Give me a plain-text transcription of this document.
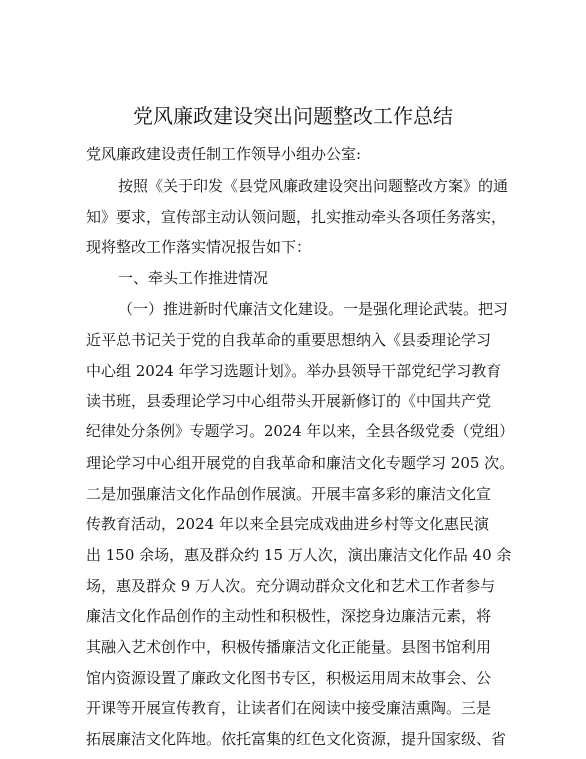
党风廉政建设突出问题整改工作总结
党风廉政建设责任制工作领导小组办公室:
按照《关于印发《县党风廉政建设突出问题整改方案》的通
知》要求，宣传部主动认领问题，扎实推动牵头各项任务落实，
现将整改工作落实情况报告如下：
一、牵头工作推进情况
（一）推进新时代廉洁文化建设。一是强化理论武装。把习
近平总书记关于党的自我革命的重要思想纳入《县委理论学习
中心组 2024 年学习选题计划》。举办县领导干部党纪学习教育
读书班，县委理论学习中心组带头开展新修订的《中国共产党
纪律处分条例》专题学习。2024 年以来，全县各级党委（党组）
理论学习中心组开展党的自我革命和廉洁文化专题学习 205 次。
二是加强廉洁文化作品创作展演。开展丰富多彩的廉洁文化宣
传教育活动，2024 年以来全县完成戏曲进乡村等文化惠民演
出 150 余场，惠及群众约 15 万人次，演出廉洁文化作品 40 余
场，惠及群众 9 万人次。充分调动群众文化和艺术工作者参与
廉洁文化作品创作的主动性和积极性，深挖身边廉洁元素，将
其融入艺术创作中，积极传播廉洁文化正能量。县图书馆利用
馆内资源设置了廉政文化图书专区，积极运用周末故事会、公
开课等开展宣传教育，让读者们在阅读中接受廉洁熏陶。三是
拓展廉洁文化阵地。依托富集的红色文化资源，提升国家级、省
